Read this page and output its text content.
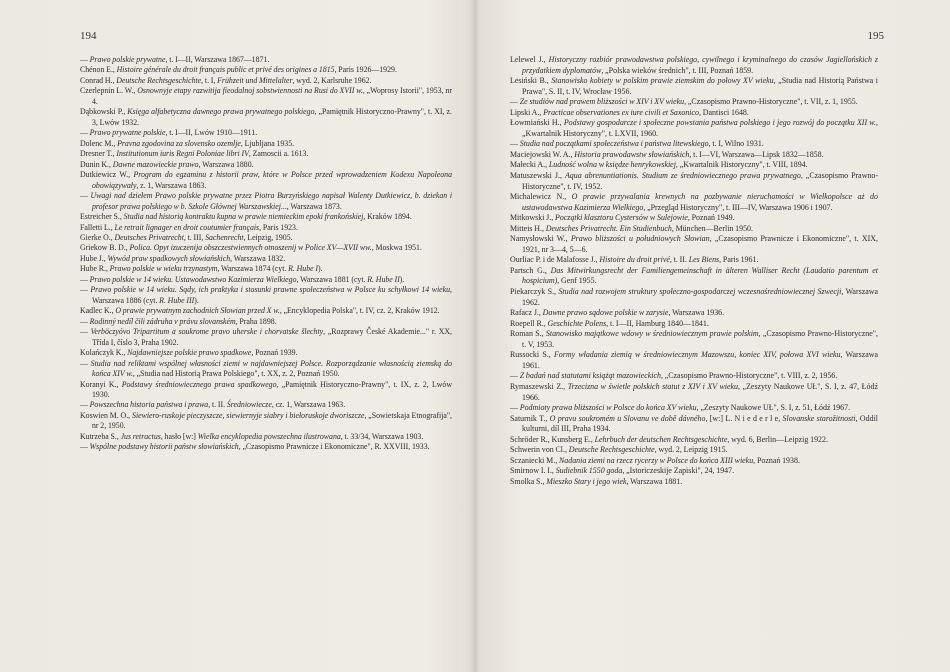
194
— Prawo polskie prywatne, t. I—II, Warszawa 1867—1871.
Chénon E., Histoire générale du droit français public et privé des origines a 1815, Paris 1926—1929.
Conrad H., Deutsche Rechtsgeschichte, t. I, Frühzeit und Mittelalter, wyd. 2, Karlsruhe 1962.
Czerlepnin L. W., Osnownyje etapy razwitija fieodalnoj sobstwiennosti na Rusi do XVII w., „Woprosy Istorii", 1953, nr 4.
Dąbkowski P., Księga alfabetyczna dawnego prawa prywatnego polskiego, „Pamiętnik Historyczno-Prawny", t. XI, z. 3, Lwów 1932.
— Prawo prywatne polskie, t. I—II, Lwów 1910—1911.
Dolenc M., Pravna zgodovina za slovensko ozemlje, Ljubljana 1935.
Dresner T., Institutionum iuris Regni Poloniae libri IV, Zamoscii a. 1613.
Dunin K., Dawne mazowieckie prawo, Warszawa 1880.
Dutkiewicz W., Program do egzaminu z historii praw, które w Polsce przed wprowadzeniem Kodexu Napoleona obowiązywały, z. 1, Warszawa 1863.
— Uwagi nad dziełem Prawo polskie prywatne przez Piotra Burzyńskiego napisał Walenty Dutkiewicz, b. dziekan i profesor prawa polskiego w b. Szkole Głównej Warszawskiej..., Warszawa 1873.
Estreicher S., Studia nad historią kontraktu kupna w prawie niemieckim epoki frankońskiej, Kraków 1894.
Falletti L., Le retrait lignager en droit coutumier français, Paris 1923.
Gierke O., Deutsches Privatrecht, t. III, Sachenrecht, Leipzig, 1905.
Griekow B. D., Polica. Opyt izuczenija obszczestwiennych otnoszenij w Police XV—XVII ww., Moskwa 1951.
Hube J., Wywód praw spadkowych słowiańskich, Warszawa 1832.
Hube R., Prawo polskie w wieku trzynastym, Warszawa 1874 (cyt. R. Hube I).
— Prawo polskie w 14 wieku. Ustawodawstwo Kazimierza Wielkiego, Warszawa 1881 (cyt. R. Hube II).
— Prawo polskie w 14 wieku. Sądy, ich praktyka i stosunki prawne społeczeństwa w Polsce ku schyłkowi 14 wieku, Warszawa 1886 (cyt. R. Hube III).
Kadlec K., O prawie prywatnym zachodnich Słowian przed X w., „Encyklopedia Polska", t. IV, cz. 2, Kraków 1912.
— Rodinný nedíl čili zádruha v právu slovanském, Praha 1898.
— Verböczyóvo Tripartitum a soukrome pravo uherske i chorvatske šlechty, „Rozprawy České Akademie..." r. XX, Třída I, číslo 3, Praha 1902.
Kolańczyk K., Najdawniejsze polskie prawo spadkowe, Poznań 1939.
— Studia nad reliktami wspólnej własności ziemi w najdawniejszej Polsce. Rozporządzanie własnością ziemską do końca XIV w., „Studia nad Historią Prawa Polskiego", t. XX, z. 2, Poznań 1950.
Koranyi K., Podstawy średniowiecznego prawa spadkowego, „Pamiętnik Historyczno-Prawny", t. IX, z. 2, Lwów 1930.
— Powszechna historia państwa i prawa, t. II. Średniowiecze, cz. 1, Warszawa 1963.
Koswien M. O., Siewiero-ruskoje pieczyszcze, siewiernyje siabry i biełoruskoje dworiszcze, „Sowietskaja Etnografija", nr 2, 1950.
Kutrzeba S., Jus retractus, hasło [w:] Wielka encyklopedia powszechna ilustrowana, t. 33/34, Warszawa 1903.
— Wspólne podstawy historii państw słowiańskich, „Czasopismo Prawnicze i Ekonomiczne", R. XXVIII, 1933.
195
Lelewel J., Historyczny rozbiór prawodawstwa polskiego, cywilnego i kryminalnego do czasów Jagiellońskich z przydatkiem dyplomatów, „Polska wieków średnich", t. III, Poznań 1859.
Lesiński B., Stanowisko kobiety w polskim prawie ziemskim do połowy XV wieku, „Studia nad Historią Państwa i Prawa", S. II, t. IV, Wrocław 1956.
— Ze studiów nad prawem bliższości w XIV i XV wieku, „Czasopismo Prawno-Historyczne", t. VII, z. 1, 1955.
Lipski A., Practicae observationes ex iure civili et Saxonico, Dantisci 1648.
Łowmiański H., Podstawy gospodarcze i społeczne powstania państwa polskiego i jego rozwój do początku XII w., „Kwartalnik Historyczny", t. LXVII, 1960.
— Studia nad początkami społeczeństwa i państwa litewskiego, t. I, Wilno 1931.
Maciejowski W. A., Historia prawodawstw słowiańskich, t. I—VI, Warszawa—Lipsk 1832—1858.
Małecki A., Ludność wolna w księdze henrykowskiej, „Kwartalnik Historyczny", t. VIII, 1894.
Matuszewski J., Aqua abrenuntiationis. Studium ze średniowiecznego prawa prywatnego, „Czasopismo Prawno-Historyczne", t. IV, 1952.
Michalewicz N., O prawie przywalania krewnych na pozbywanie nieruchomości w Wielkopolsce aż do ustawodawstwa Kazimierza Wielkiego, „Przegląd Historyczny", t. III—IV, Warszawa 1906 i 1907.
Mitkowski J., Początki klasztoru Cystersów w Sulejowie, Poznań 1949.
Mitteis H., Deutsches Privatrecht. Ein Studienbuch, München—Berlin 1950.
Namysłowski W., Prawo bliższości u południowych Słowian, „Czasopismo Prawnicze i Ekonomiczne", t. XIX, 1921, nr 3—4, 5—6.
Ourliac P. i de Malafosse J., Histoire du droit privé, t. II. Les Biens, Paris 1961.
Partsch G., Das Mitwirkungsrecht der Familiengemeinschaft in älteren Walliser Recht (Laudatio parentum et hospicium), Genf 1955.
Piekarczyk S., Studia nad rozwojem struktury społeczno-gospodarczej wczesnośredniowiecznej Szwecji, Warszawa 1962.
Rafacz J., Dawne prawo sądowe polskie w zarysie, Warszawa 1936.
Roepell R., Geschichte Polens, t. I—II, Hamburg 1840—1841.
Roman S., Stanowisko majątkowe wdowy w średniowiecznym prawie polskim, „Czasopismo Prawno-Historyczne", t. V, 1953.
Russocki S., Formy władania ziemią w średniowiecznym Mazowszu, koniec XIV, połowa XVI wieku, Warszawa 1961.
— Z badań nad statutami książąt mazowieckich, „Czasopismo Prawno-Historyczne", t. VIII, z. 2, 1956.
Rymaszewski Z., Trzecizna w świetle polskich statut z XIV i XV wieku, „Zeszyty Naukowe UŁ", S. I, z. 47, Łódź 1966.
— Podmioty prawa bliższości w Polsce do końca XV wieku, „Zeszyty Naukowe UŁ", S. I, z. 51, Łódź 1967.
Saturnik T., O pravu soukromém u Slovanu ve době dávného, [w:] L. N i e d e r l e, Slovanske starožitnosti, Oddil kulturni, díl III, Praha 1934.
Schröder R., Kunsberg E., Lehrbuch der deutschen Rechtsgeschichte, wyd. 6, Berlin—Leipzig 1922.
Schwerin von Cl., Deutsche Rechtsgeschichte, wyd. 2, Leipzig 1915.
Sczaniecki M., Nadania ziemi na rzecz rycerzy w Polsce do końca XIII wieku, Poznań 1938.
Smirnow I. I., Sudiebnik 1550 goda, „Istoriczeskije Zapiski", 24, 1947.
Smolka S., Mieszko Stary i jego wiek, Warszawa 1881.
